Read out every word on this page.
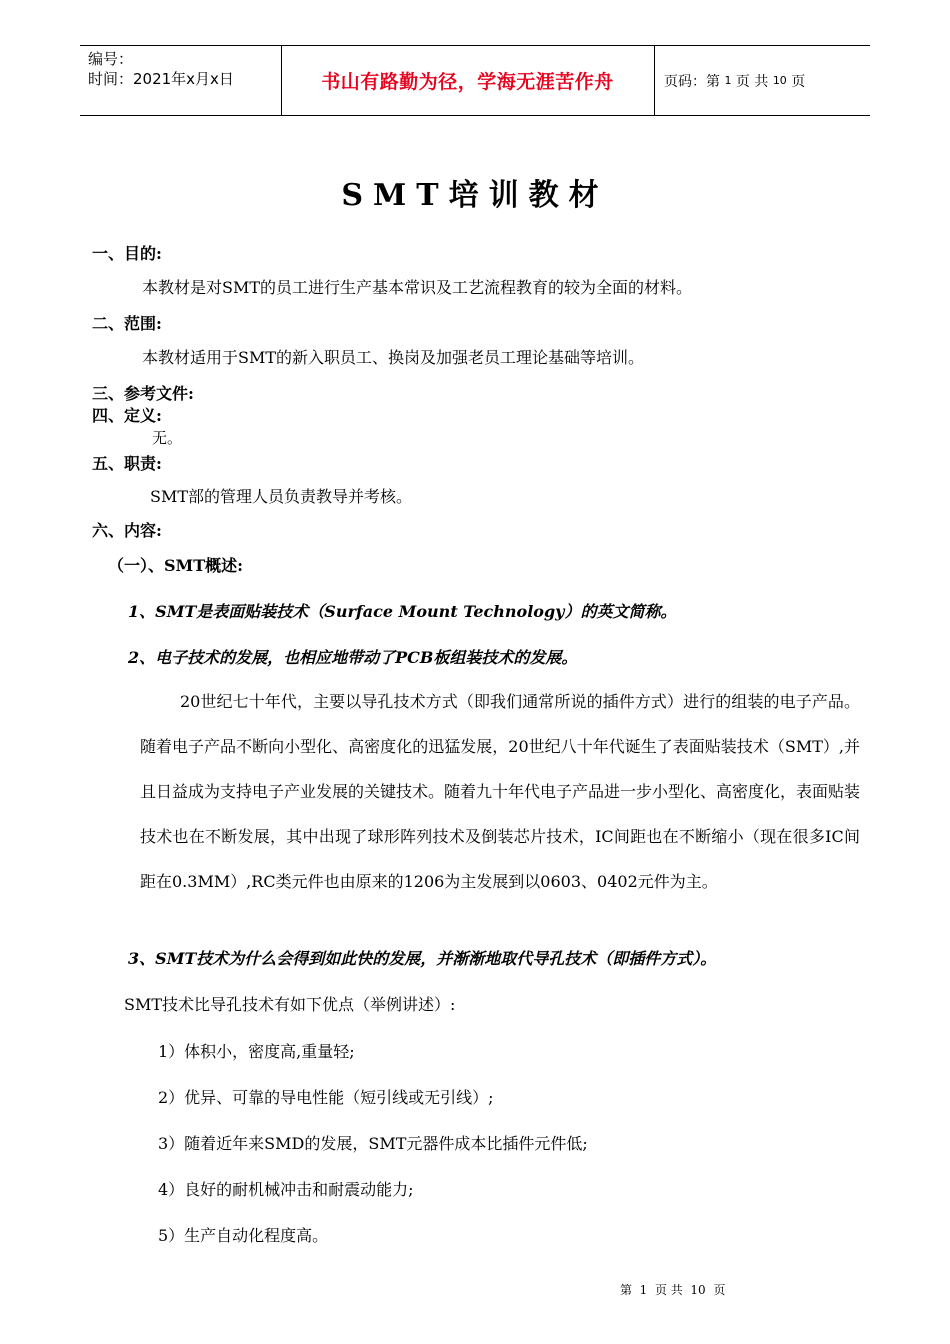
编号：
时间：2021年x月x日	书山有路勤为径，学海无涯苦作舟	页码：第
1
页 共
10
页
SMT培训教材
一、目的:
本教材是对SMT的员工进行生产基本常识及工艺流程教育的较为全面的材料。
二、范围:
本教材适用于SMT的新入职员工、换岗及加强老员工理论基础等培训。
三、参考文件:
四、定义:
无。
五、职责:
SMT部的管理人员负责教导并考核。
六、内容:
（一）、SMT概述:
1、SMT是表面贴装技术（Surface Mount Technology）的英文简称。
2、电子技术的发展，也相应地带动了PCB板组装技术的发展。
20世纪七十年代，主要以导孔技术方式（即我们通常所说的插件方式）进行的组装的电子产品。随着电子产品不断向小型化、高密度化的迅猛发展，20世纪八十年代诞生了表面贴装技术（SMT）,并且日益成为支持电子产业发展的关键技术。随着九十年代电子产品进一步小型化、高密度化，表面贴装技术也在不断发展，其中出现了球形阵列技术及倒装芯片技术，IC间距也在不断缩小（现在很多IC间距在0.3MM）,RC类元件也由原来的1206为主发展到以0603、0402元件为主。
3、SMT技术为什么会得到如此快的发展，并渐渐地取代导孔技术（即插件方式）。
SMT技术比导孔技术有如下优点（举例讲述）:
1）体积小，密度高,重量轻;
2）优异、可靠的导电性能（短引线或无引线）;
3）随着近年来SMD的发展，SMT元器件成本比插件元件低;
4）良好的耐机械冲击和耐震动能力;
5）生产自动化程度高。
第 1 页 共 10 页
